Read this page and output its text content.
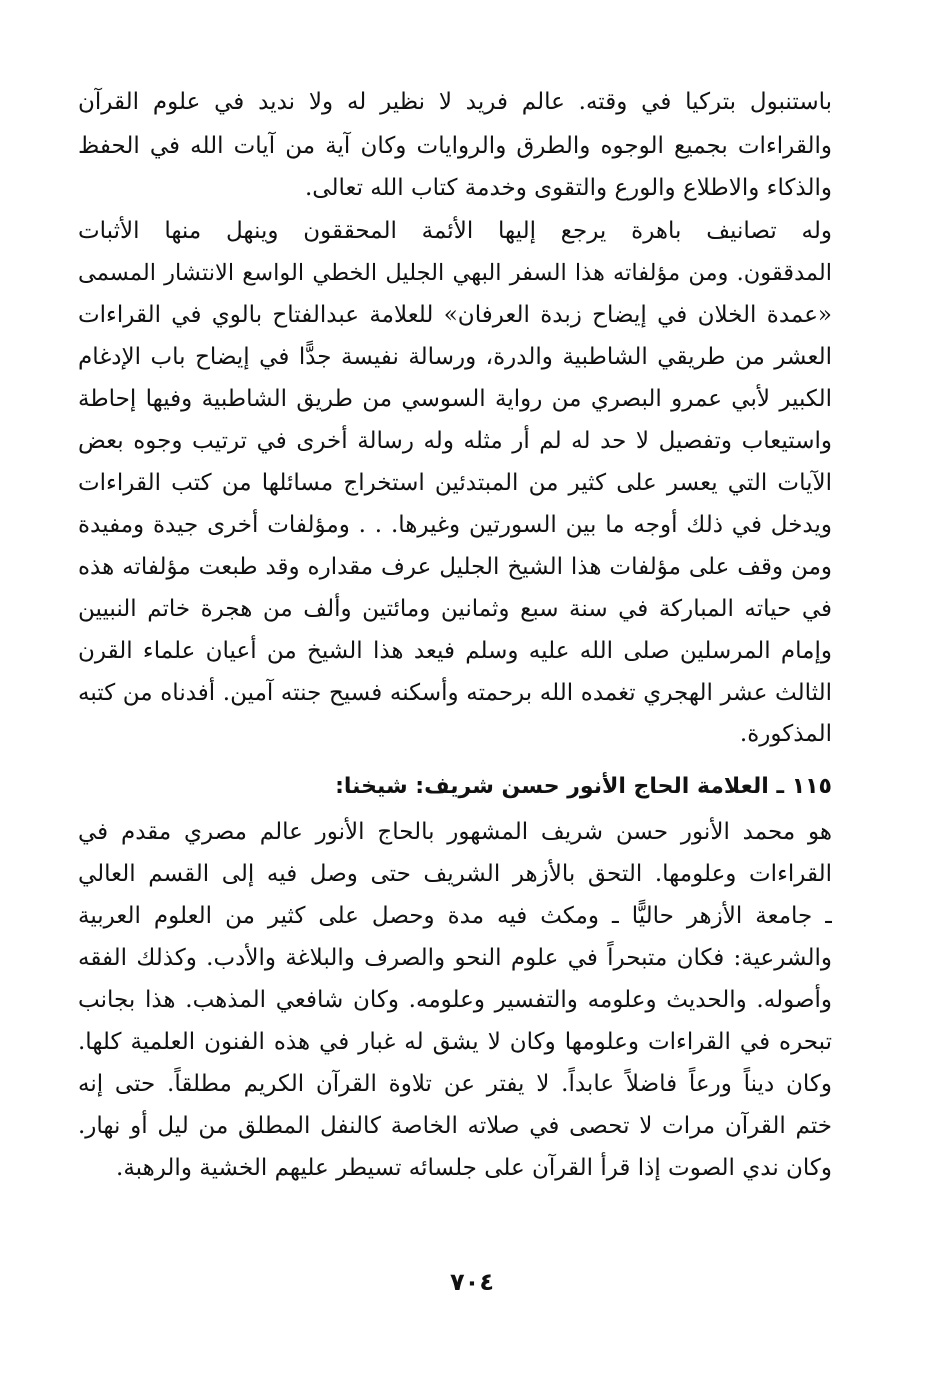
باستنبول بتركيا في وقته. عالم فريد لا نظير له ولا نديد في علوم القرآن
والقراءات بجميع الوجوه والطرق والروايات وكان آية من آيات الله في الحفظ
والذكاء والاطلاع والورع والتقوى وخدمة كتاب الله تعالى.
وله تصانيف باهرة يرجع إليها الأئمة المحققون وينهل منها الأثبات
المدققون. ومن مؤلفاته هذا السفر البهي الجليل الخطي الواسع الانتشار المسمى
«عمدة الخلان في إيضاح زبدة العرفان» للعلامة عبدالفتاح بالوي في القراءات
العشر من طريقي الشاطبية والدرة، ورسالة نفيسة جدًّا في إيضاح باب الإدغام
الكبير لأبي عمرو البصري من رواية السوسي من طريق الشاطبية وفيها إحاطة
واستيعاب وتفصيل لا حد له لم أر مثله وله رسالة أخرى في ترتيب وجوه بعض
الآيات التي يعسر على كثير من المبتدئين استخراج مسائلها من كتب القراءات
ويدخل في ذلك أوجه ما بين السورتين وغيرها. . . ومؤلفات أخرى جيدة ومفيدة
ومن وقف على مؤلفات هذا الشيخ الجليل عرف مقداره وقد طبعت مؤلفاته هذه
في حياته المباركة في سنة سبع وثمانين ومائتين وألف من هجرة خاتم النبيين
وإمام المرسلين صلى الله عليه وسلم فيعد هذا الشيخ من أعيان علماء القرن
الثالث عشر الهجري تغمده الله برحمته وأسكنه فسيح جنته آمين. أفدناه من كتبه
المذكورة.
١١٥ ـ العلامة الحاج الأنور حسن شريف: شيخنا:
هو محمد الأنور حسن شريف المشهور بالحاج الأنور عالم مصري مقدم في
القراءات وعلومها. التحق بالأزهر الشريف حتى وصل فيه إلى القسم العالي
ـ جامعة الأزهر حاليًّا ـ ومكث فيه مدة وحصل على كثير من العلوم العربية
والشرعية: فكان متبحراً في علوم النحو والصرف والبلاغة والأدب. وكذلك الفقه
وأصوله. والحديث وعلومه والتفسير وعلومه. وكان شافعي المذهب. هذا بجانب
تبحره في القراءات وعلومها وكان لا يشق له غبار في هذه الفنون العلمية كلها.
وكان ديناً ورعاً فاضلاً عابداً. لا يفتر عن تلاوة القرآن الكريم مطلقاً. حتى إنه
ختم القرآن مرات لا تحصى في صلاته الخاصة كالنفل المطلق من ليل أو نهار.
وكان ندي الصوت إذا قرأ القرآن على جلسائه تسيطر عليهم الخشية والرهبة.
٧٠٤
